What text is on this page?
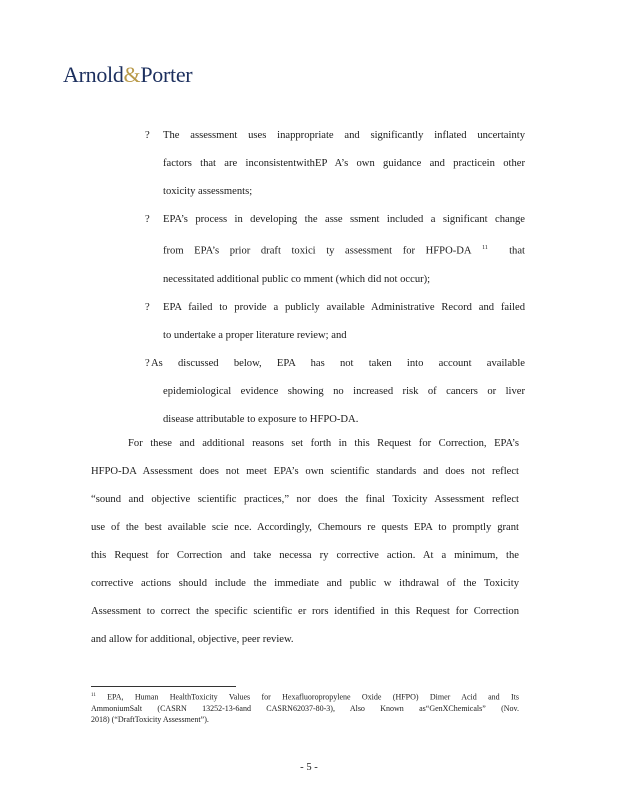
Arnold&Porter
?	The assessment uses inappropriate and significantly inflated uncertainty
factors that are inconsistentwithEP A’s own guidance and practicein other
toxicity assessments;
?	EPA’s process in developing the asse ssment included a significant change
from EPA’s prior draft toxici ty assessment for HFPO-DA $^{11}$ that
necessitated additional public co mment (which did not occur);
?	EPA failed to provide a publicly available Administrative Record and failed
to undertake a proper literature review; and
? As discussed below, EPA has not taken into account available
epidemiological evidence showing no increased risk of cancers or liver
disease attributable to exposure to HFPO-DA.
For these and additional reasons set forth in this Request for Correction, EPA’s
HFPO-DA Assessment does not meet EPA’s own scientific standards and does not reflect
“sound and objective scientific practices,” nor does the final Toxicity Assessment reflect
use of the best available scie nce. Accordingly, Chemours re quests EPA to promptly grant
this Request for Correction and take necessa ry corrective action. At a minimum, the
corrective actions should include the immediate and public w ithdrawal of the Toxicity
Assessment to correct the specific scientific er rors identified in this Request for Correction
and allow for additional, objective, peer review.
$^{11}$ EPA, Human HealthToxicity Values for Hexafluoropropylene Oxide (HFPO) Dimer Acid and Its
AmmoniumSalt (CASRN 13252-13-6and CASRN62037-80-3), Also Known as“GenXChemicals” (Nov.
2018) (“DraftToxicity Assessment”).
- 5 -
